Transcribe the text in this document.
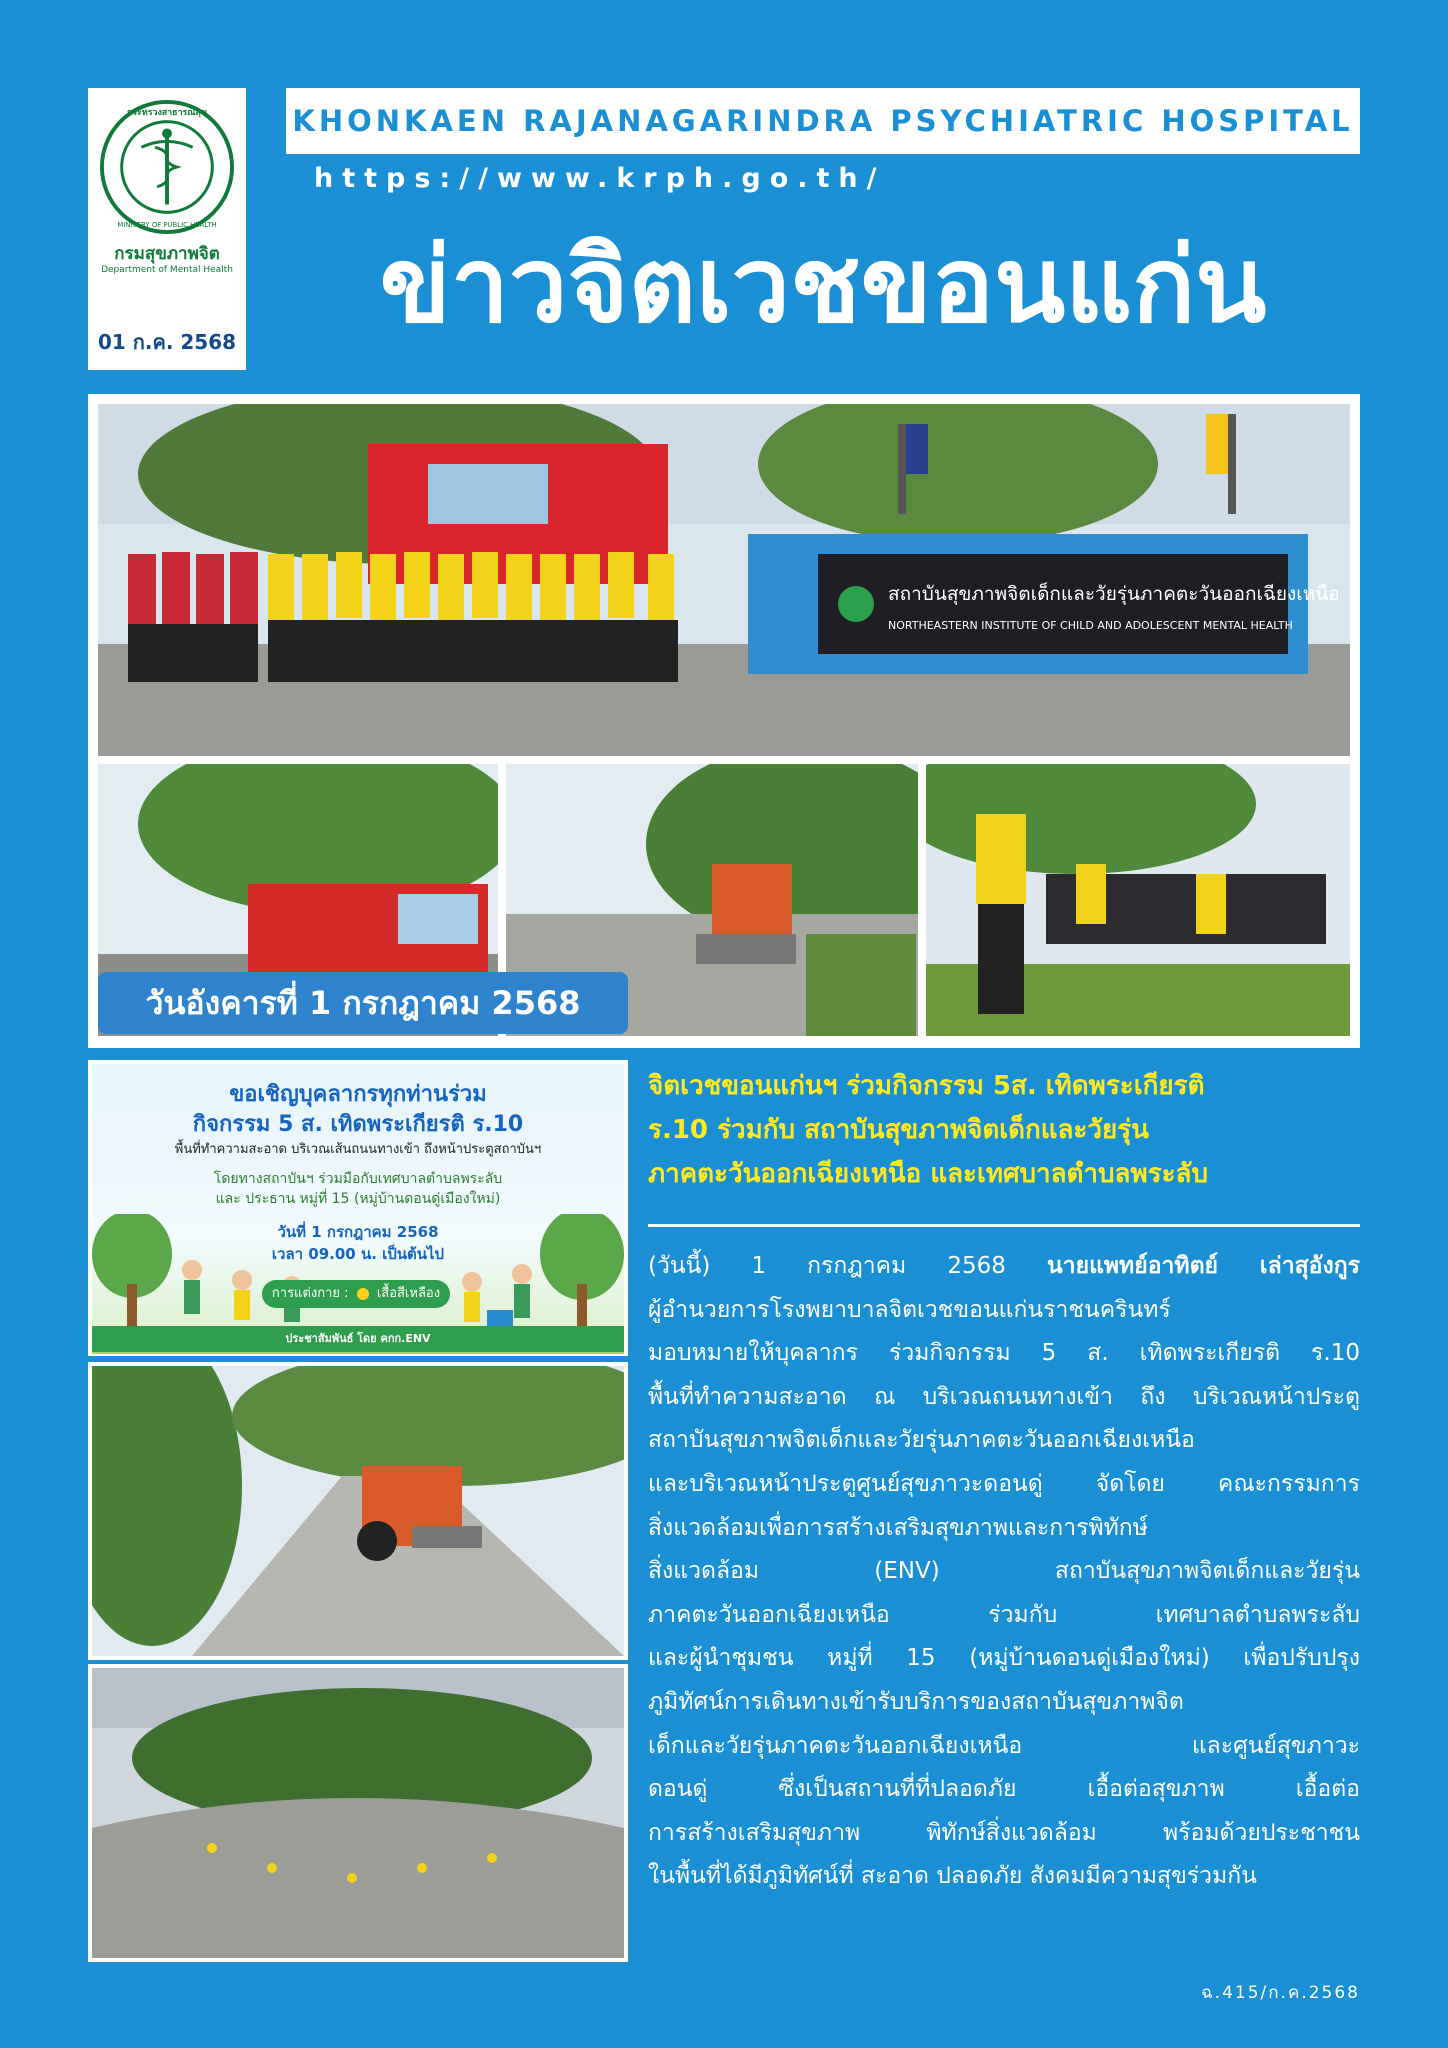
กระทรวงสาธารณสุข
MINISTRY OF PUBLIC HEALTH
กรมสุขภาพจิต
Department of Mental Health
01 ก.ค. 2568
KHONKAEN RAJANAGARINDRA PSYCHIATRIC HOSPITAL
https://www.krph.go.th/
ข่าวจิตเวชขอนแก่น
สถาบันสุขภาพจิตเด็กและวัยรุ่นภาคตะวันออกเฉียงเหนือ
NORTHEASTERN INSTITUTE OF CHILD AND ADOLESCENT MENTAL HEALTH
วันอังคารที่ 1 กรกฎาคม 2568
ขอเชิญบุคลากรทุกท่านร่วม
กิจกรรม 5 ส. เทิดพระเกียรติ ร.10
พื้นที่ทำความสะอาด บริเวณเส้นถนนทางเข้า ถึงหน้าประตูสถาบันฯ
โดยทางสถาบันฯ ร่วมมือกับเทศบาลตำบลพระลับ
และ ประธาน หมู่ที่ 15 (หมู่บ้านดอนดู่เมืองใหม่)
วันที่ 1 กรกฎาคม 2568
เวลา 09.00 น. เป็นต้นไป
การแต่งกาย : เสื้อสีเหลือง
ประชาสัมพันธ์ โดย คกก.ENV
จิตเวชขอนแก่นฯ ร่วมกิจกรรม 5ส. เทิดพระเกียรติ
ร.10 ร่วมกับ สถาบันสุขภาพจิตเด็กและวัยรุ่น
ภาคตะวันออกเฉียงเหนือ และเทศบาลตำบลพระลับ
(วันนี้) 1 กรกฎาคม 2568 นายแพทย์อาทิตย์ เล่าสุอังกูร
ผู้อำนวยการโรงพยาบาลจิตเวชขอนแก่นราชนครินทร์
มอบหมายให้บุคลากร ร่วมกิจกรรม 5 ส. เทิดพระเกียรติ ร.10
พื้นที่ทำความสะอาด ณ บริเวณถนนทางเข้า ถึง บริเวณหน้าประตู
สถาบันสุขภาพจิตเด็กและวัยรุ่นภาคตะวันออกเฉียงเหนือ
และบริเวณหน้าประตูศูนย์สุขภาวะดอนดู่ จัดโดย คณะกรรมการ
สิ่งแวดล้อมเพื่อการสร้างเสริมสุขภาพและการพิทักษ์
สิ่งแวดล้อม (ENV) สถาบันสุขภาพจิตเด็กและวัยรุ่น
ภาคตะวันออกเฉียงเหนือ ร่วมกับ เทศบาลตำบลพระลับ
และผู้นำชุมชน หมู่ที่ 15 (หมู่บ้านดอนดู่เมืองใหม่) เพื่อปรับปรุง
ภูมิทัศน์การเดินทางเข้ารับบริการของสถาบันสุขภาพจิต
เด็กและวัยรุ่นภาคตะวันออกเฉียงเหนือ และศูนย์สุขภาวะ
ดอนดู่ ซึ่งเป็นสถานที่ที่ปลอดภัย เอื้อต่อสุขภาพ เอื้อต่อ
การสร้างเสริมสุขภาพ พิทักษ์สิ่งแวดล้อม พร้อมด้วยประชาชน
ในพื้นที่ได้มีภูมิทัศน์ที่ สะอาด ปลอดภัย สังคมมีความสุขร่วมกัน
ฉ.415/ก.ค.2568
